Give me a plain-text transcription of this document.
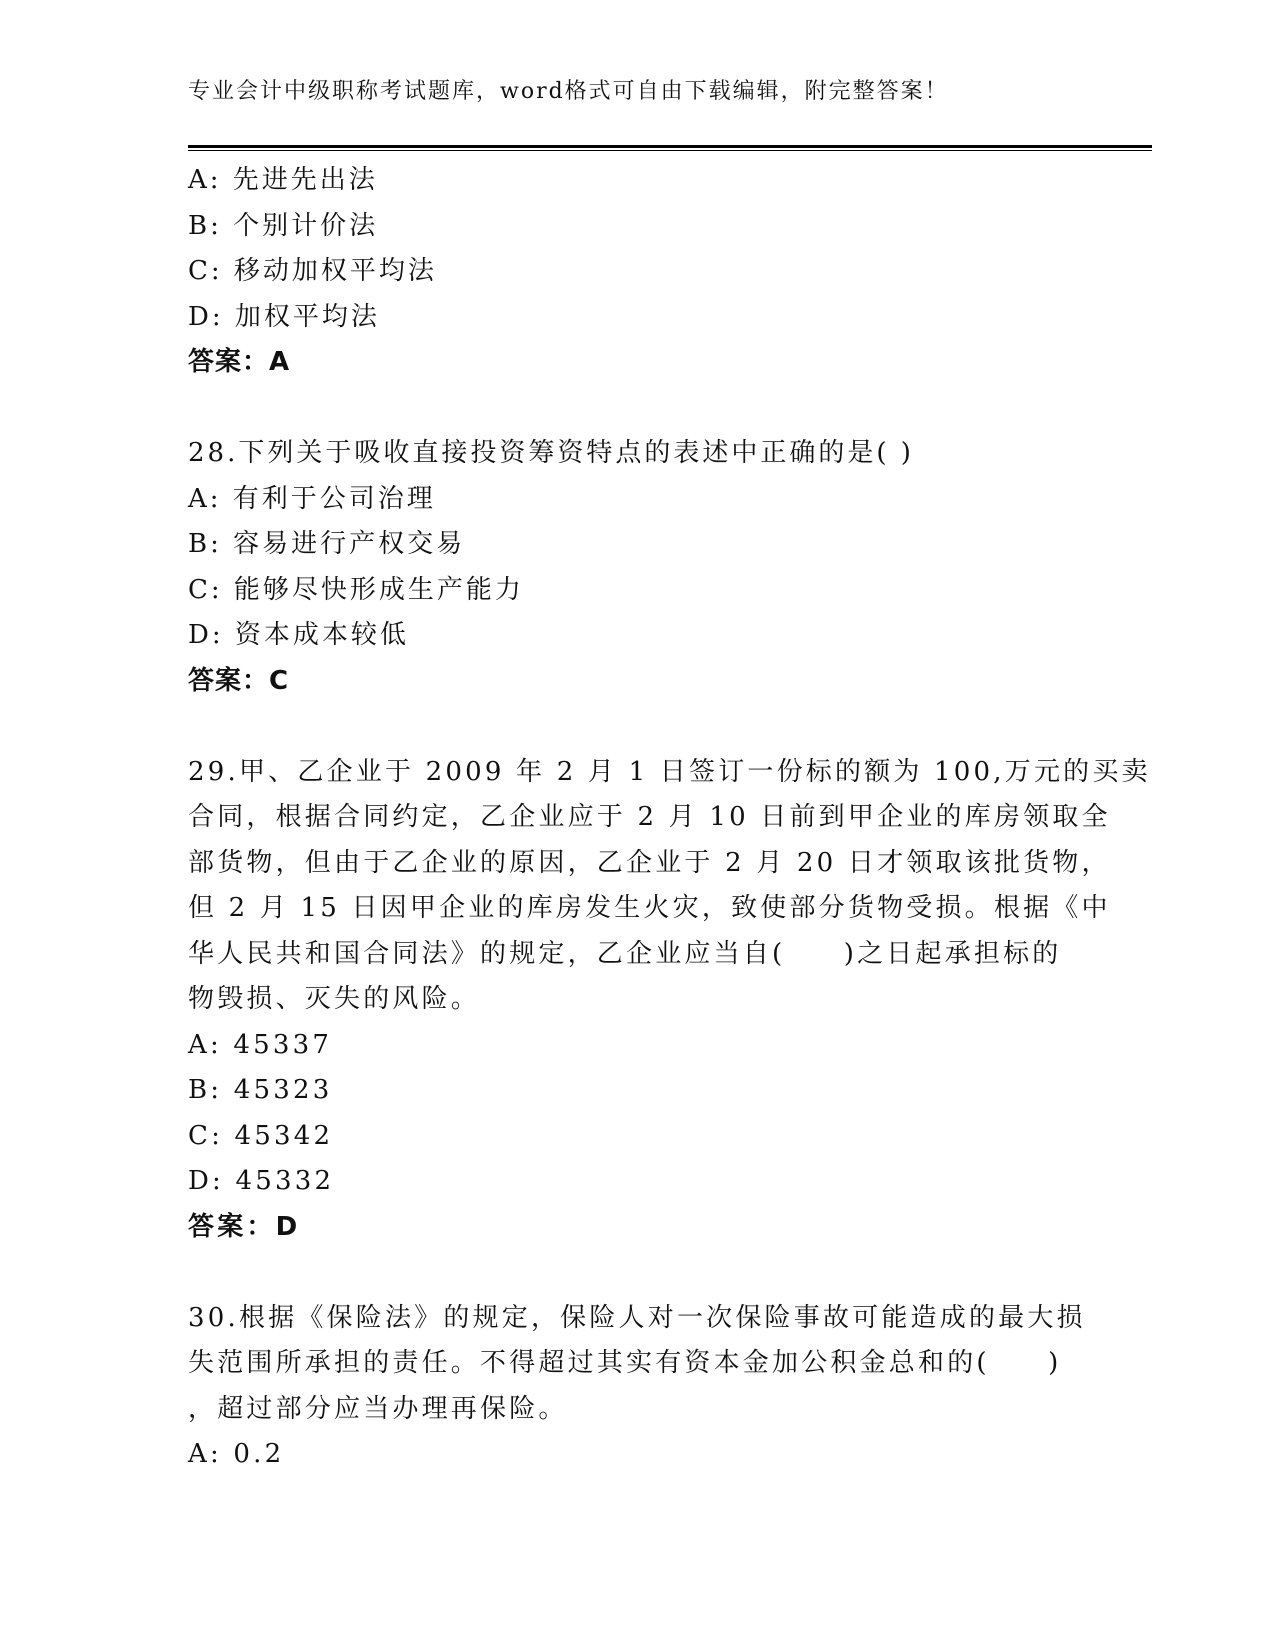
专业会计中级职称考试题库，word格式可自由下载编辑，附完整答案！
A: 先进先出法
B: 个别计价法
C: 移动加权平均法
D: 加权平均法
答案：A
28.下列关于吸收直接投资筹资特点的表述中正确的是( )
A: 有利于公司治理
B: 容易进行产权交易
C: 能够尽快形成生产能力
D: 资本成本较低
答案：C
29.甲、乙企业于 2009 年 2 月 1 日签订一份标的额为 100,万元的买卖
合同，根据合同约定，乙企业应于 2 月 10 日前到甲企业的库房领取全
部货物，但由于乙企业的原因，乙企业于 2 月 20 日才领取该批货物，
但 2 月 15 日因甲企业的库房发生火灾，致使部分货物受损。根据《中
华人民共和国合同法》的规定，乙企业应当自(　　)之日起承担标的
物毁损、灭失的风险。
A: 45337
B: 45323
C: 45342
D: 45332
答案：D
30.根据《保险法》的规定，保险人对一次保险事故可能造成的最大损
失范围所承担的责任。不得超过其实有资本金加公积金总和的(　　)
，超过部分应当办理再保险。
A: 0.2
